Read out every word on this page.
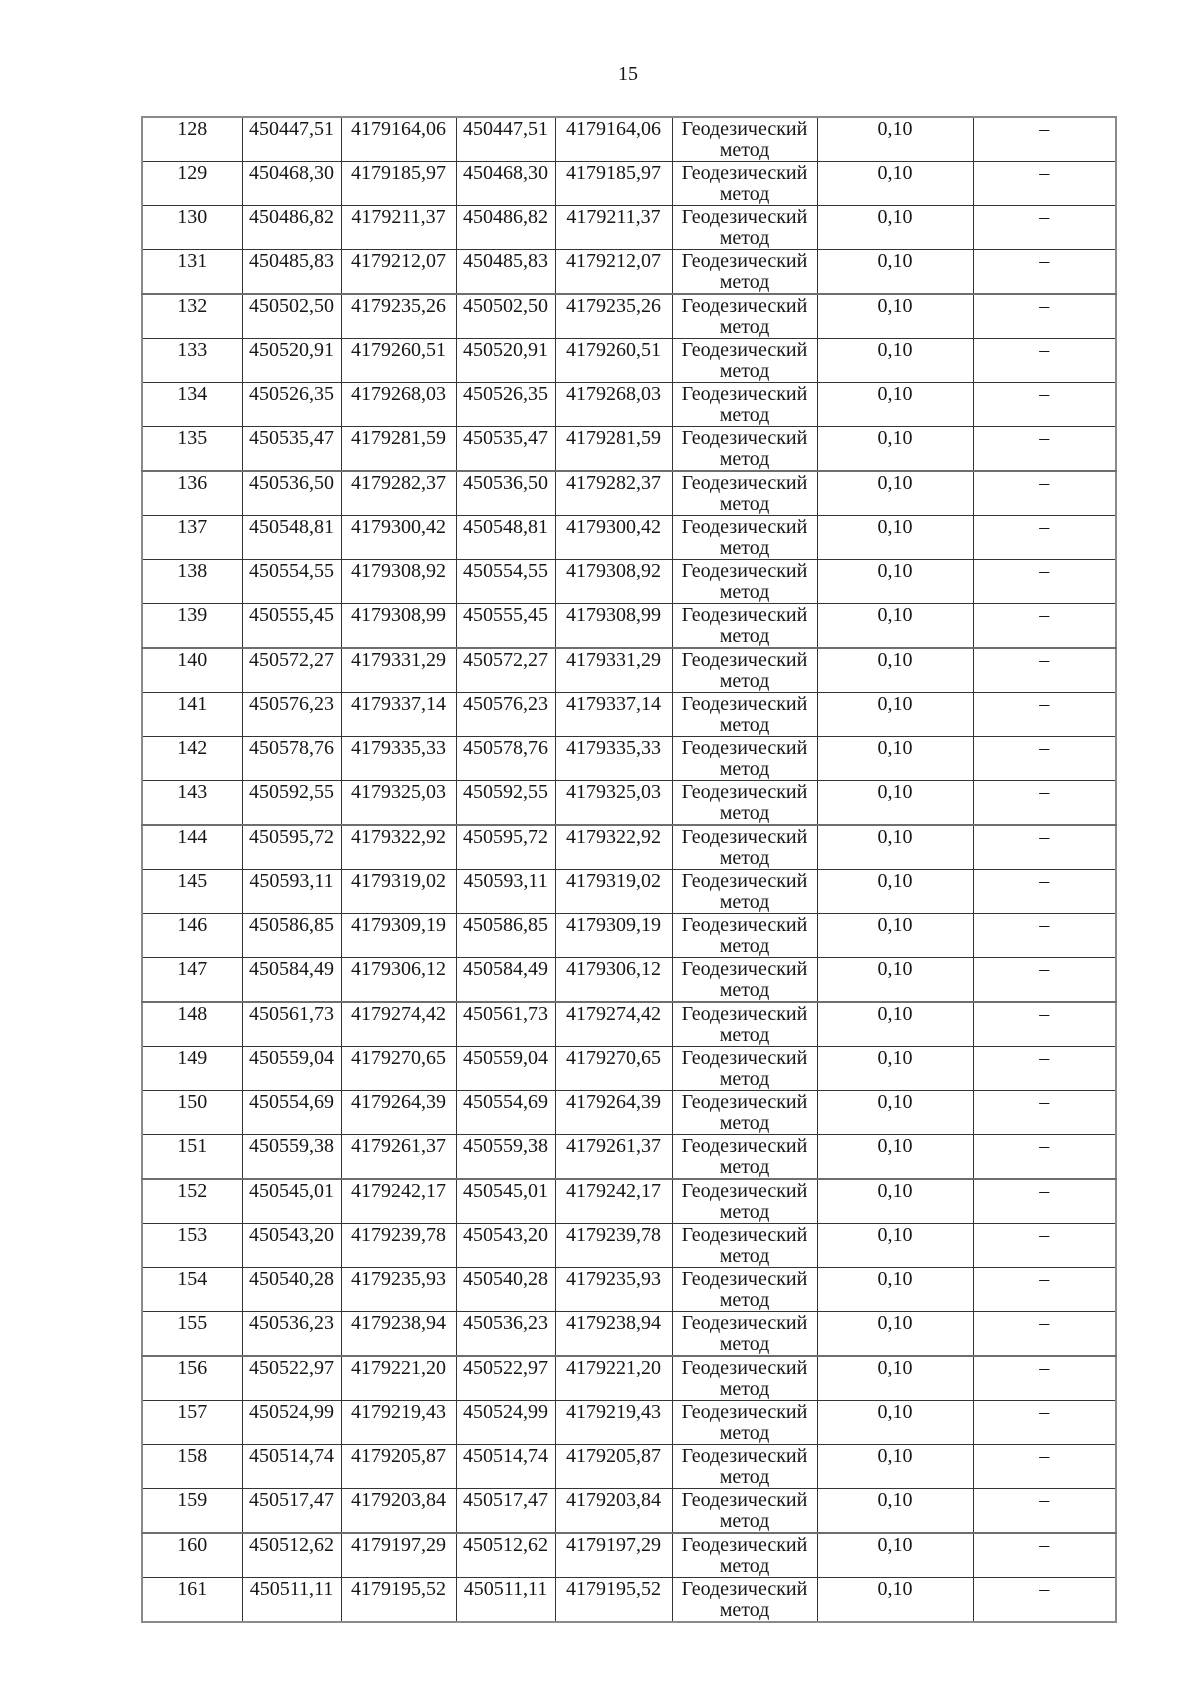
15
128	450447,51	4179164,06	450447,51	4179164,06	Геодезический метод	0,10	–
129	450468,30	4179185,97	450468,30	4179185,97	Геодезический метод	0,10	–
130	450486,82	4179211,37	450486,82	4179211,37	Геодезический метод	0,10	–
131	450485,83	4179212,07	450485,83	4179212,07	Геодезический метод	0,10	–
132	450502,50	4179235,26	450502,50	4179235,26	Геодезический метод	0,10	–
133	450520,91	4179260,51	450520,91	4179260,51	Геодезический метод	0,10	–
134	450526,35	4179268,03	450526,35	4179268,03	Геодезический метод	0,10	–
135	450535,47	4179281,59	450535,47	4179281,59	Геодезический метод	0,10	–
136	450536,50	4179282,37	450536,50	4179282,37	Геодезический метод	0,10	–
137	450548,81	4179300,42	450548,81	4179300,42	Геодезический метод	0,10	–
138	450554,55	4179308,92	450554,55	4179308,92	Геодезический метод	0,10	–
139	450555,45	4179308,99	450555,45	4179308,99	Геодезический метод	0,10	–
140	450572,27	4179331,29	450572,27	4179331,29	Геодезический метод	0,10	–
141	450576,23	4179337,14	450576,23	4179337,14	Геодезический метод	0,10	–
142	450578,76	4179335,33	450578,76	4179335,33	Геодезический метод	0,10	–
143	450592,55	4179325,03	450592,55	4179325,03	Геодезический метод	0,10	–
144	450595,72	4179322,92	450595,72	4179322,92	Геодезический метод	0,10	–
145	450593,11	4179319,02	450593,11	4179319,02	Геодезический метод	0,10	–
146	450586,85	4179309,19	450586,85	4179309,19	Геодезический метод	0,10	–
147	450584,49	4179306,12	450584,49	4179306,12	Геодезический метод	0,10	–
148	450561,73	4179274,42	450561,73	4179274,42	Геодезический метод	0,10	–
149	450559,04	4179270,65	450559,04	4179270,65	Геодезический метод	0,10	–
150	450554,69	4179264,39	450554,69	4179264,39	Геодезический метод	0,10	–
151	450559,38	4179261,37	450559,38	4179261,37	Геодезический метод	0,10	–
152	450545,01	4179242,17	450545,01	4179242,17	Геодезический метод	0,10	–
153	450543,20	4179239,78	450543,20	4179239,78	Геодезический метод	0,10	–
154	450540,28	4179235,93	450540,28	4179235,93	Геодезический метод	0,10	–
155	450536,23	4179238,94	450536,23	4179238,94	Геодезический метод	0,10	–
156	450522,97	4179221,20	450522,97	4179221,20	Геодезический метод	0,10	–
157	450524,99	4179219,43	450524,99	4179219,43	Геодезический метод	0,10	–
158	450514,74	4179205,87	450514,74	4179205,87	Геодезический метод	0,10	–
159	450517,47	4179203,84	450517,47	4179203,84	Геодезический метод	0,10	–
160	450512,62	4179197,29	450512,62	4179197,29	Геодезический метод	0,10	–
161	450511,11	4179195,52	450511,11	4179195,52	Геодезический метод	0,10	–
